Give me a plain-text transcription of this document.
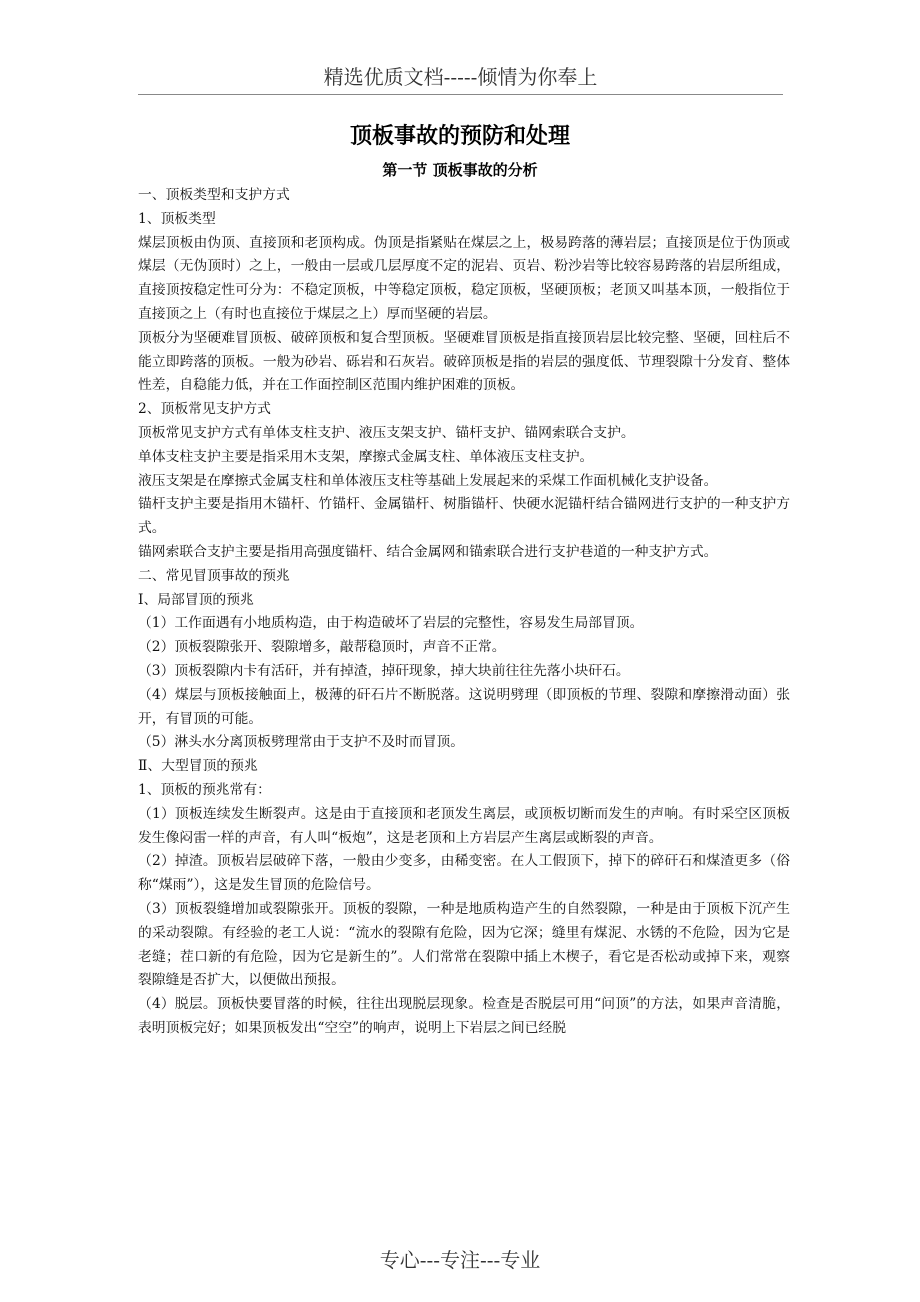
精选优质文档-----倾情为你奉上
顶板事故的预防和处理
第一节 顶板事故的分析

一、顶板类型和支护方式

1、顶板类型

煤层顶板由伪顶、直接顶和老顶构成。伪顶是指紧贴在煤层之上，极易跨落的薄岩层；直接顶是位于伪顶或煤层（无伪顶时）之上，一般由一层或几层厚度不定的泥岩、页岩、粉沙岩等比较容易跨落的岩层所组成，直接顶按稳定性可分为：不稳定顶板，中等稳定顶板，稳定顶板，坚硬顶板；老顶又叫基本顶，一般指位于直接顶之上（有时也直接位于煤层之上）厚而坚硬的岩层。

顶板分为坚硬难冒顶板、破碎顶板和复合型顶板。坚硬难冒顶板是指直接顶岩层比较完整、坚硬，回柱后不能立即跨落的顶板。一般为砂岩、砾岩和石灰岩。破碎顶板是指的岩层的强度低、节理裂隙十分发育、整体性差，自稳能力低，并在工作面控制区范围内维护困难的顶板。

2、顶板常见支护方式

顶板常见支护方式有单体支柱支护、液压支架支护、锚杆支护、锚网索联合支护。

单体支柱支护主要是指采用木支架，摩擦式金属支柱、单体液压支柱支护。

液压支架是在摩擦式金属支柱和单体液压支柱等基础上发展起来的采煤工作面机械化支护设备。

锚杆支护主要是指用木锚杆、竹锚杆、金属锚杆、树脂锚杆、快硬水泥锚杆结合锚网进行支护的一种支护方式。

锚网索联合支护主要是指用高强度锚杆、结合金属网和锚索联合进行支护巷道的一种支护方式。

二、常见冒顶事故的预兆

Ⅰ、局部冒顶的预兆

（1）工作面遇有小地质构造，由于构造破坏了岩层的完整性，容易发生局部冒顶。

（2）顶板裂隙张开、裂隙增多，敲帮稳顶时，声音不正常。

（3）顶板裂隙内卡有活矸，并有掉渣，掉矸现象，掉大块前往往先落小块矸石。

（4）煤层与顶板接触面上，极薄的矸石片不断脱落。这说明劈理（即顶板的节理、裂隙和摩擦滑动面）张开，有冒顶的可能。

（5）淋头水分离顶板劈理常由于支护不及时而冒顶。

Ⅱ、大型冒顶的预兆

1、顶板的预兆常有：

（1）顶板连续发生断裂声。这是由于直接顶和老顶发生离层，或顶板切断而发生的声响。有时采空区顶板发生像闷雷一样的声音，有人叫“板炮”，这是老顶和上方岩层产生离层或断裂的声音。

（2）掉渣。顶板岩层破碎下落，一般由少变多，由稀变密。在人工假顶下，掉下的碎矸石和煤渣更多（俗称“煤雨”），这是发生冒顶的危险信号。

（3）顶板裂缝增加或裂隙张开。顶板的裂隙，一种是地质构造产生的自然裂隙，一种是由于顶板下沉产生的采动裂隙。有经验的老工人说：“流水的裂隙有危险，因为它深；缝里有煤泥、水锈的不危险，因为它是老缝；茬口新的有危险，因为它是新生的”。人们常常在裂隙中插上木楔子，看它是否松动或掉下来，观察裂隙缝是否扩大，以便做出预报。

（4）脱层。顶板快要冒落的时候，往往出现脱层现象。检查是否脱层可用“问顶”的方法，如果声音清脆，表明顶板完好；如果顶板发出“空空”的响声，说明上下岩层之间已经脱

专心---专注---专业
